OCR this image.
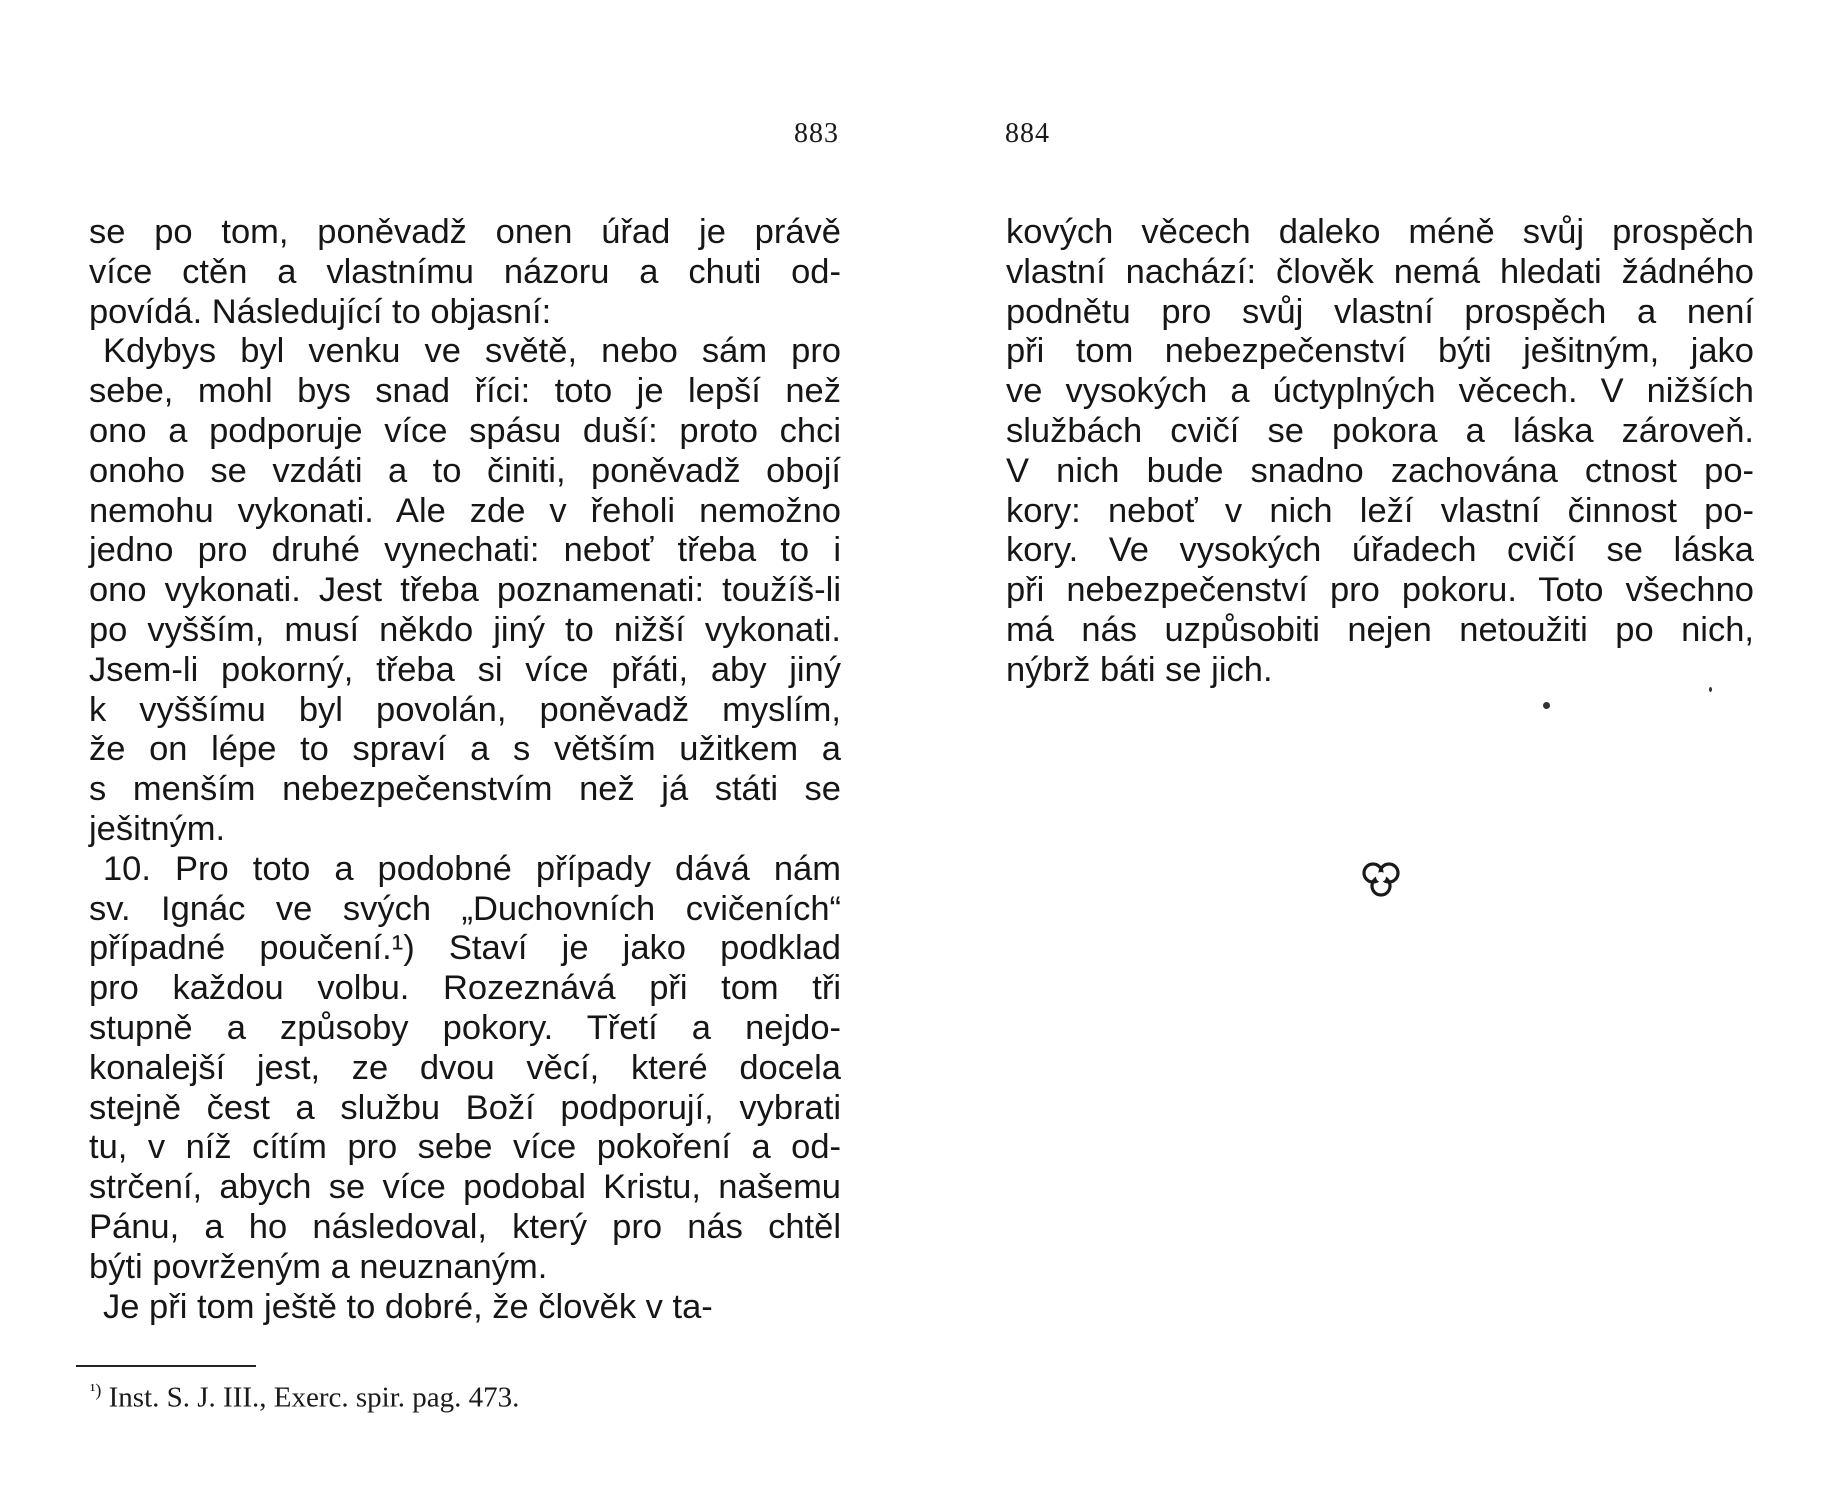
883	884
se po tom, poněvadž onen úřad je právě
více ctěn a vlastnímu názoru a chuti od-
povídá. Následující to objasní:
Kdybys byl venku ve světě, nebo sám pro
sebe, mohl bys snad říci: toto je lepší než
ono a podporuje více spásu duší: proto chci
onoho se vzdáti a to činiti, poněvadž obojí
nemohu vykonati. Ale zde v řeholi nemožno
jedno pro druhé vynechati: neboť třeba to i
ono vykonati. Jest třeba poznamenati: toužíš-li
po vyšším, musí někdo jiný to nižší vykonati.
Jsem-li pokorný, třeba si více přáti, aby jiný
k vyššímu byl povolán, poněvadž myslím,
že on lépe to spraví a s větším užitkem a
s menším nebezpečenstvím než já státi se
ješitným.
10. Pro toto a podobné případy dává nám
sv. Ignác ve svých „Duchovních cvičeních“
případné poučení.¹) Staví je jako podklad
pro každou volbu. Rozeznává při tom tři
stupně a způsoby pokory. Třetí a nejdo-
konalejší jest, ze dvou věcí, které docela
stejně čest a službu Boží podporují, vybrati
tu, v níž cítím pro sebe více pokoření a od-
strčení, abych se více podobal Kristu, našemu
Pánu, a ho následoval, který pro nás chtěl
býti povrženým a neuznaným.
Je při tom ještě to dobré, že člověk v ta-
kových věcech daleko méně svůj prospěch
vlastní nachází: člověk nemá hledati žádného
podnětu pro svůj vlastní prospěch a není
při tom nebezpečenství býti ješitným, jako
ve vysokých a úctyplných věcech. V nižších
službách cvičí se pokora a láska zároveň.
V nich bude snadno zachována ctnost po-
kory: neboť v nich leží vlastní činnost po-
kory. Ve vysokých úřadech cvičí se láska
při nebezpečenství pro pokoru. Toto všechno
má nás uzpůsobiti nejen netoužiti po nich,
nýbrž báti se jich.
$^{^1)}$ Inst. S. J. III., Exerc. spir. pag. 473.
